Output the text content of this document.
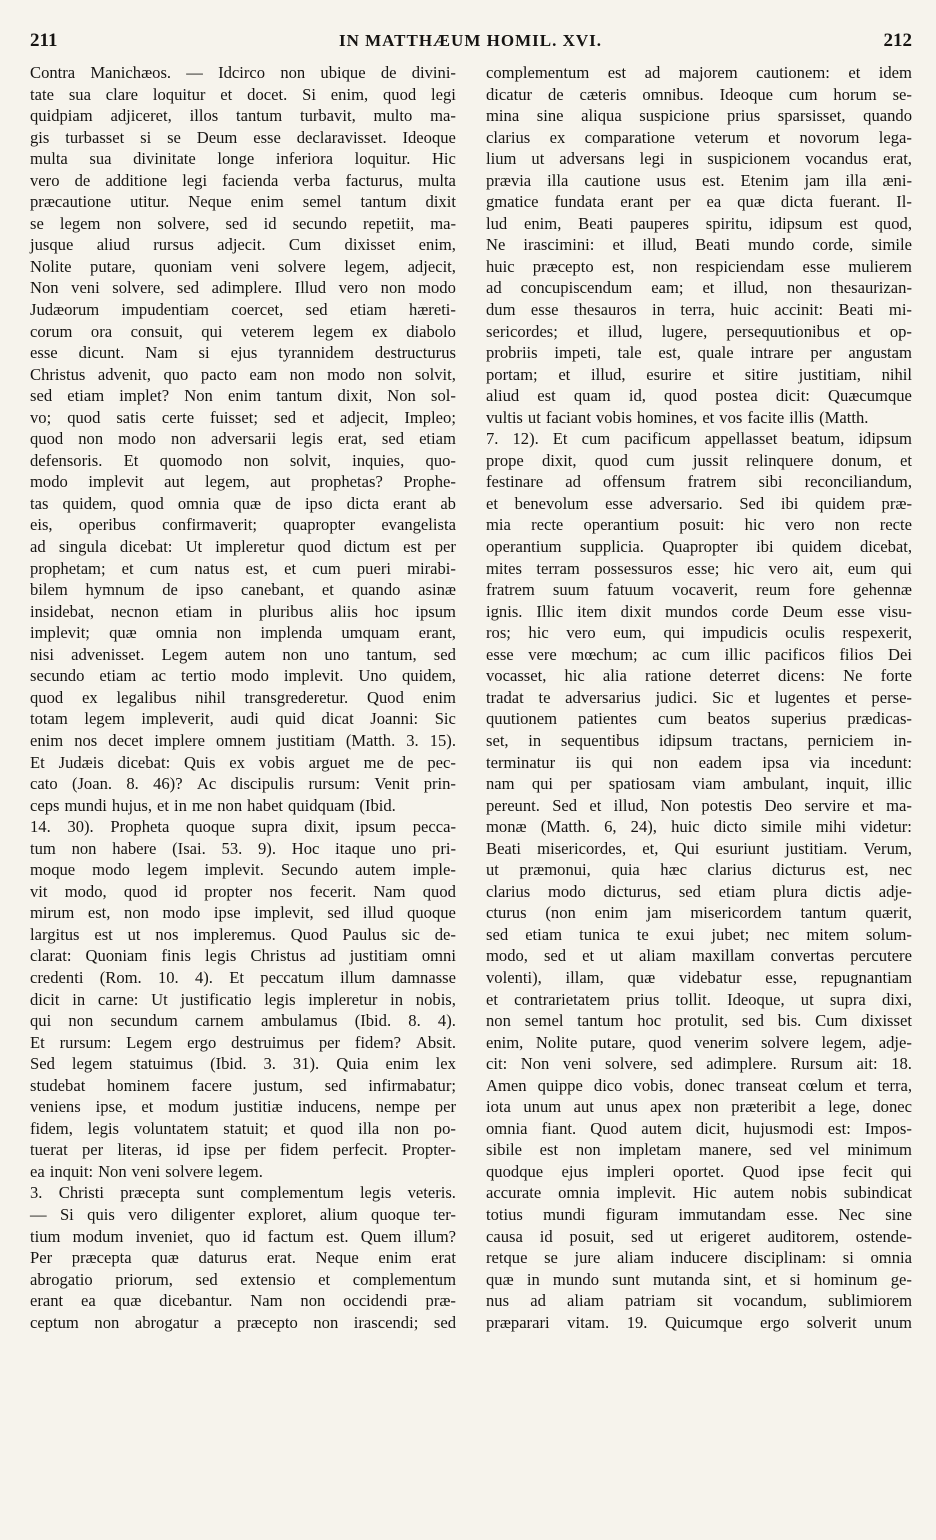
211	IN MATTHÆUM HOMIL. XVI.	212
Contra Manichæos. — Idcirco non ubique de divini-
tate sua clare loquitur et docet. Si enim, quod legi
quidpiam adjiceret, illos tantum turbavit, multo ma-
gis turbasset si se Deum esse declaravisset. Ideoque
multa sua divinitate longe inferiora loquitur. Hic
vero de additione legi facienda verba facturus, multa
præcautione utitur. Neque enim semel tantum dixit
se legem non solvere, sed id secundo repetiit, ma-
jusque aliud rursus adjecit. Cum dixisset enim,
Nolite putare, quoniam veni solvere legem, adjecit,
Non veni solvere, sed adimplere. Illud vero non modo
Judæorum impudentiam coercet, sed etiam hæreti-
corum ora consuit, qui veterem legem ex diabolo
esse dicunt. Nam si ejus tyrannidem destructurus
Christus advenit, quo pacto eam non modo non solvit,
sed etiam implet? Non enim tantum dixit, Non sol-
vo; quod satis certe fuisset; sed et adjecit, Impleo;
quod non modo non adversarii legis erat, sed etiam
defensoris. Et quomodo non solvit, inquies, quo-
modo implevit aut legem, aut prophetas? Prophe-
tas quidem, quod omnia quæ de ipso dicta erant ab
eis, operibus confirmaverit; quapropter evangelista
ad singula dicebat: Ut impleretur quod dictum est per
prophetam; et cum natus est, et cum pueri mirabi-
bilem hymnum de ipso canebant, et quando asinæ
insidebat, necnon etiam in pluribus aliis hoc ipsum
implevit; quæ omnia non implenda umquam erant,
nisi advenisset. Legem autem non uno tantum, sed
secundo etiam ac tertio modo implevit. Uno quidem,
quod ex legalibus nihil transgrederetur. Quod enim
totam legem impleverit, audi quid dicat Joanni: Sic
enim nos decet implere omnem justitiam (Matth. 3. 15).
Et Judæis dicebat: Quis ex vobis arguet me de pec-
cato (Joan. 8. 46)? Ac discipulis rursum: Venit prin-
ceps mundi hujus, et in me non habet quidquam (Ibid.
14. 30). Propheta quoque supra dixit, ipsum pecca-
tum non habere (Isai. 53. 9). Hoc itaque uno pri-
moque modo legem implevit. Secundo autem imple-
vit modo, quod id propter nos fecerit. Nam quod
mirum est, non modo ipse implevit, sed illud quoque
largitus est ut nos impleremus. Quod Paulus sic de-
clarat: Quoniam finis legis Christus ad justitiam omni
credenti (Rom. 10. 4). Et peccatum illum damnasse
dicit in carne: Ut justificatio legis impleretur in nobis,
qui non secundum carnem ambulamus (Ibid. 8. 4).
Et rursum: Legem ergo destruimus per fidem? Absit.
Sed legem statuimus (Ibid. 3. 31). Quia enim lex
studebat hominem facere justum, sed infirmabatur;
veniens ipse, et modum justitiæ inducens, nempe per
fidem, legis voluntatem statuit; et quod illa non po-
tuerat per literas, id ipse per fidem perfecit. Propter-
ea inquit: Non veni solvere legem.
3. Christi præcepta sunt complementum legis veteris.
— Si quis vero diligenter exploret, alium quoque ter-
tium modum inveniet, quo id factum est. Quem illum?
Per præcepta quæ daturus erat. Neque enim erat
abrogatio priorum, sed extensio et complementum
erant ea quæ dicebantur. Nam non occidendi præ-
ceptum non abrogatur a præcepto non irascendi; sed
complementum est ad majorem cautionem: et idem
dicatur de cæteris omnibus. Ideoque cum horum se-
mina sine aliqua suspicione prius sparsisset, quando
clarius ex comparatione veterum et novorum lega-
lium ut adversans legi in suspicionem vocandus erat,
prævia illa cautione usus est. Etenim jam illa æni-
gmatice fundata erant per ea quæ dicta fuerant. Il-
lud enim, Beati pauperes spiritu, idipsum est quod,
Ne irascimini: et illud, Beati mundo corde, simile
huic præcepto est, non respiciendam esse mulierem
ad concupiscendum eam; et illud, non thesaurizan-
dum esse thesauros in terra, huic accinit: Beati mi-
sericordes; et illud, lugere, persequutionibus et op-
probriis impeti, tale est, quale intrare per angustam
portam; et illud, esurire et sitire justitiam, nihil
aliud est quam id, quod postea dicit: Quæcumque
vultis ut faciant vobis homines, et vos facite illis (Matth.
7. 12). Et cum pacificum appellasset beatum, idipsum
prope dixit, quod cum jussit relinquere donum, et
festinare ad offensum fratrem sibi reconciliandum,
et benevolum esse adversario. Sed ibi quidem præ-
mia recte operantium posuit: hic vero non recte
operantium supplicia. Quapropter ibi quidem dicebat,
mites terram possessuros esse; hic vero ait, eum qui
fratrem suum fatuum vocaverit, reum fore gehennæ
ignis. Illic item dixit mundos corde Deum esse visu-
ros; hic vero eum, qui impudicis oculis respexerit,
esse vere mœchum; ac cum illic pacificos filios Dei
vocasset, hic alia ratione deterret dicens: Ne forte
tradat te adversarius judici. Sic et lugentes et perse-
quutionem patientes cum beatos superius prædicas-
set, in sequentibus idipsum tractans, perniciem in-
terminatur iis qui non eadem ipsa via incedunt:
nam qui per spatiosam viam ambulant, inquit, illic
pereunt. Sed et illud, Non potestis Deo servire et ma-
monæ (Matth. 6, 24), huic dicto simile mihi videtur:
Beati misericordes, et, Qui esuriunt justitiam. Verum,
ut præmonui, quia hæc clarius dicturus est, nec
clarius modo dicturus, sed etiam plura dictis adje-
cturus (non enim jam misericordem tantum quærit,
sed etiam tunica te exui jubet; nec mitem solum-
modo, sed et ut aliam maxillam convertas percutere
volenti), illam, quæ videbatur esse, repugnantiam
et contrarietatem prius tollit. Ideoque, ut supra dixi,
non semel tantum hoc protulit, sed bis. Cum dixisset
enim, Nolite putare, quod venerim solvere legem, adje-
cit: Non veni solvere, sed adimplere. Rursum ait: 18.
Amen quippe dico vobis, donec transeat cœlum et terra,
iota unum aut unus apex non præteribit a lege, donec
omnia fiant. Quod autem dicit, hujusmodi est: Impos-
sibile est non impletam manere, sed vel minimum
quodque ejus impleri oportet. Quod ipse fecit qui
accurate omnia implevit. Hic autem nobis subindicat
totius mundi figuram immutandam esse. Nec sine
causa id posuit, sed ut erigeret auditorem, ostende-
retque se jure aliam inducere disciplinam: si omnia
quæ in mundo sunt mutanda sint, et si hominum ge-
nus ad aliam patriam sit vocandum, sublimiorem
præparari vitam. 19. Quicumque ergo solverit unum
